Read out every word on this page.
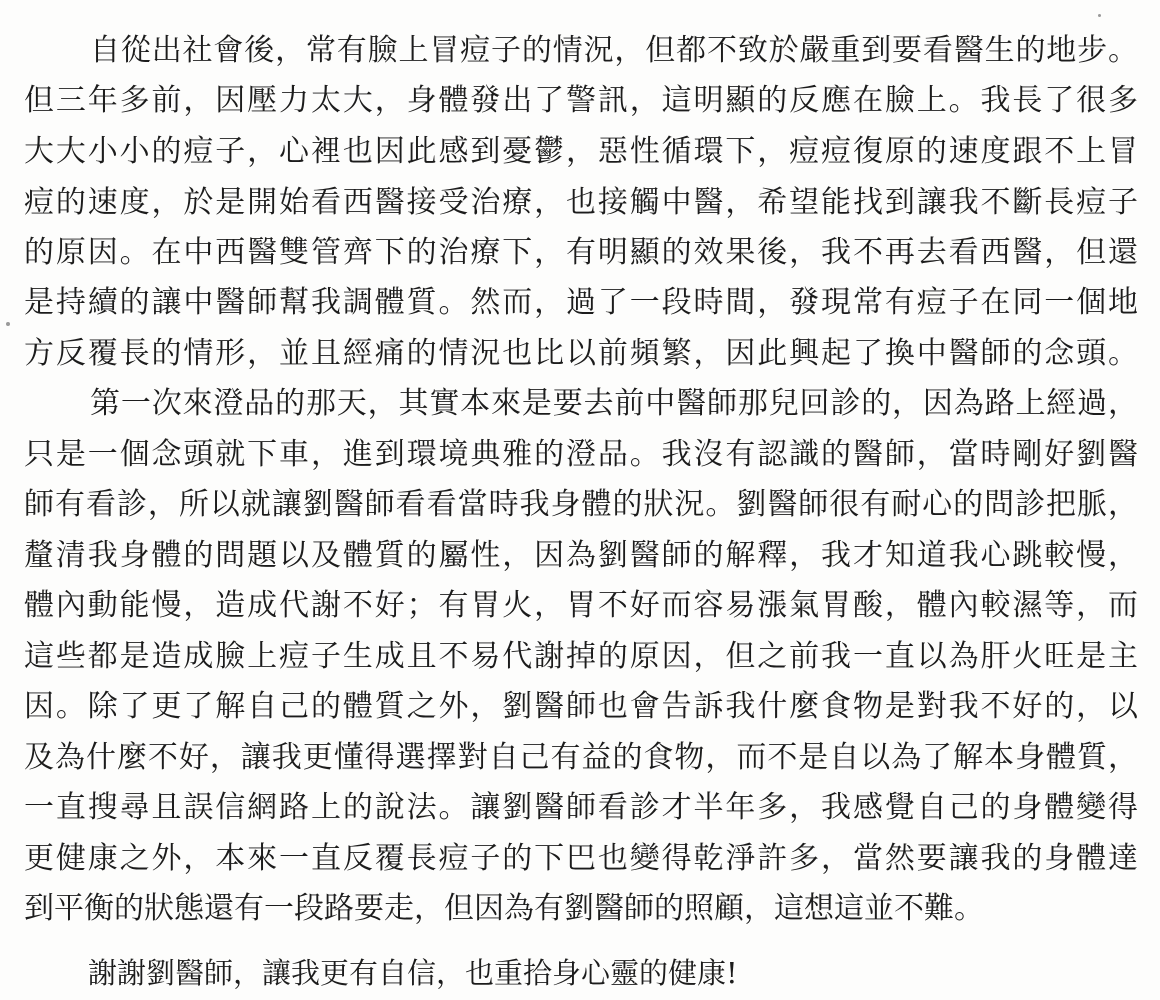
自從出社會後，常有臉上冒痘子的情況，但都不致於嚴重到要看醫生的地步。
但三年多前，因壓力太大，身體發出了警訊，這明顯的反應在臉上。我長了很多
大大小小的痘子，心裡也因此感到憂鬱，惡性循環下，痘痘復原的速度跟不上冒
痘的速度，於是開始看西醫接受治療，也接觸中醫，希望能找到讓我不斷長痘子
的原因。在中西醫雙管齊下的治療下，有明顯的效果後，我不再去看西醫，但還
是持續的讓中醫師幫我調體質。然而，過了一段時間，發現常有痘子在同一個地
方反覆長的情形，並且經痛的情況也比以前頻繁，因此興起了換中醫師的念頭。
第一次來澄品的那天，其實本來是要去前中醫師那兒回診的，因為路上經過，
只是一個念頭就下車，進到環境典雅的澄品。我沒有認識的醫師，當時剛好劉醫
師有看診，所以就讓劉醫師看看當時我身體的狀況。劉醫師很有耐心的問診把脈，
釐清我身體的問題以及體質的屬性，因為劉醫師的解釋，我才知道我心跳較慢，
體內動能慢，造成代謝不好；有胃火，胃不好而容易漲氣胃酸，體內較濕等，而
這些都是造成臉上痘子生成且不易代謝掉的原因，但之前我一直以為肝火旺是主
因。除了更了解自己的體質之外，劉醫師也會告訴我什麼食物是對我不好的，以
及為什麼不好，讓我更懂得選擇對自己有益的食物，而不是自以為了解本身體質，
一直搜尋且誤信網路上的說法。讓劉醫師看診才半年多，我感覺自己的身體變得
更健康之外，本來一直反覆長痘子的下巴也變得乾淨許多，當然要讓我的身體達
到平衡的狀態還有一段路要走，但因為有劉醫師的照顧，這想這並不難。
謝謝劉醫師，讓我更有自信，也重拾身心靈的健康!
